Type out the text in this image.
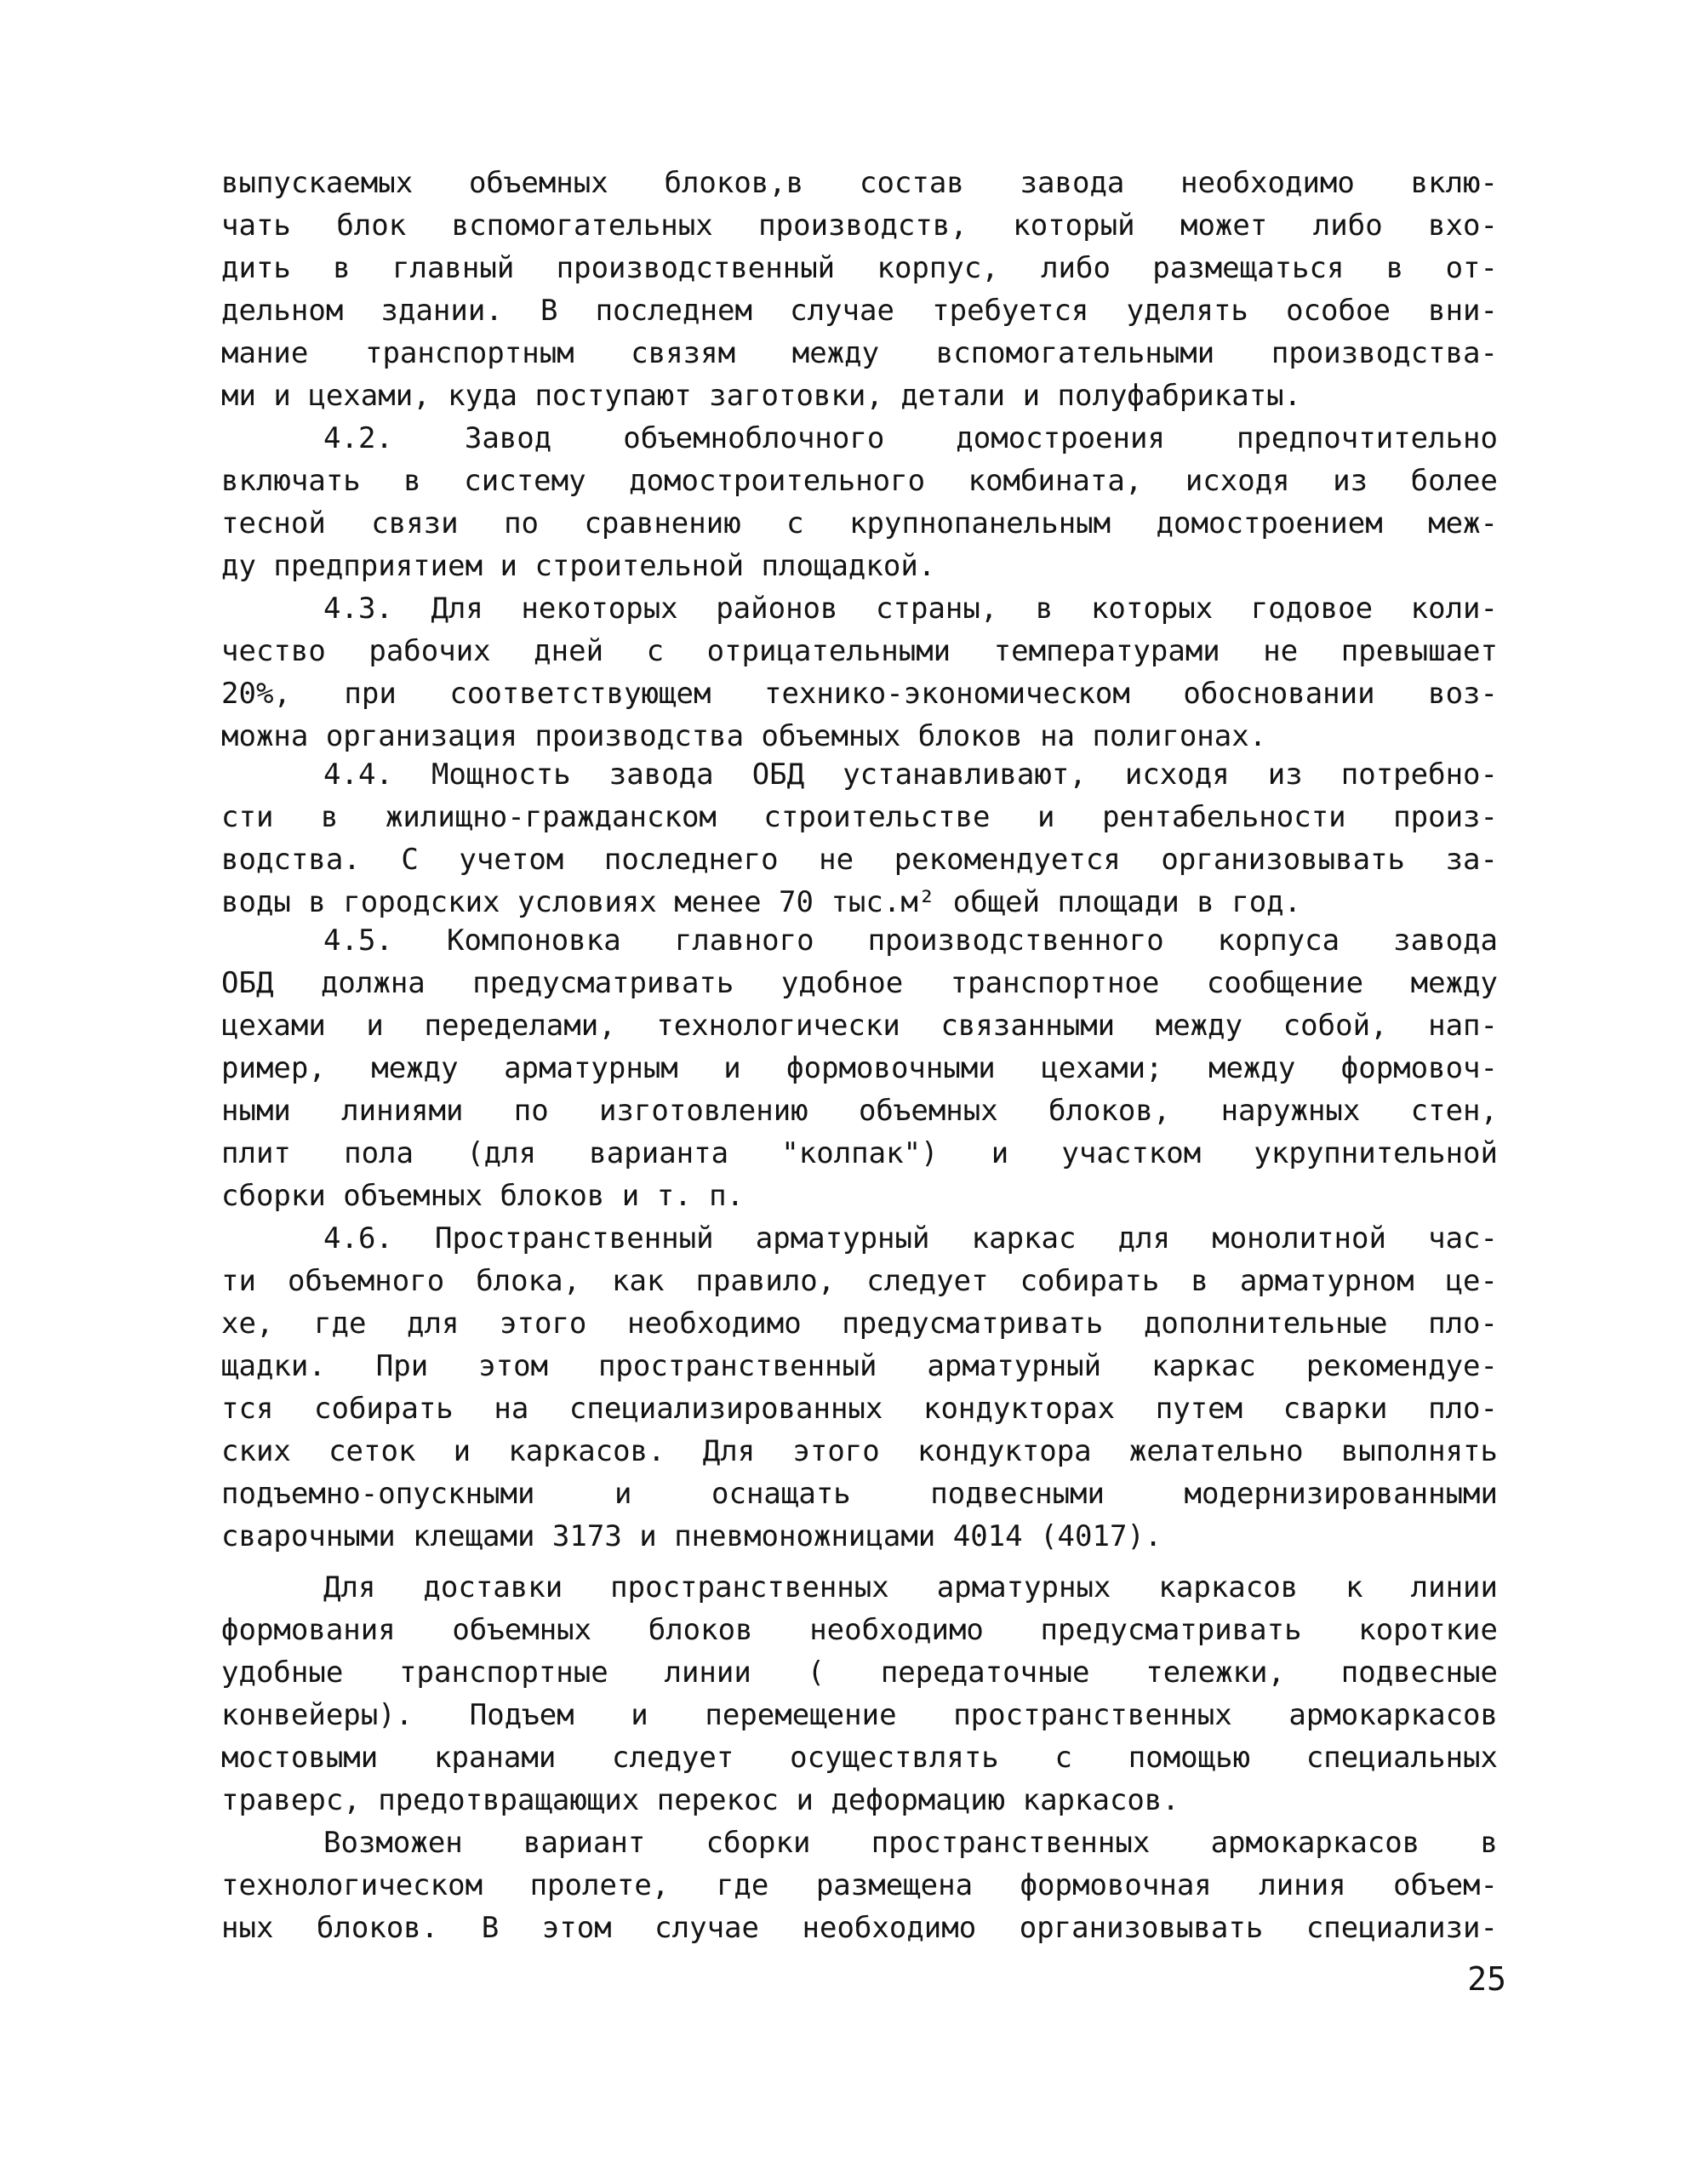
выпускаемых объемных блоков,в состав завода необходимо вклю-
чать блок вспомогательных производств, который может либо вхо-
дить в главный производственный корпус, либо размещаться в от-
дельном здании. В последнем случае требуется уделять особое вни-
мание транспортным связям между вспомогательными производства-
ми и цехами, куда поступают заготовки, детали и полуфабрикаты.
4.2. Завод объемноблочного домостроения предпочтительно
включать в систему домостроительного комбината, исходя из более
тесной связи по сравнению с крупнопанельным домостроением меж-
ду предприятием и строительной площадкой.
4.3. Для некоторых районов страны, в которых годовое коли-
чество рабочих дней с отрицательными температурами не превышает
20%, при соответствующем технико-экономическом обосновании воз-
можна организация производства объемных блоков на полигонах.
4.4. Мощность завода ОБД устанавливают, исходя из потребно-
сти в жилищно-гражданском строительстве и рентабельности произ-
водства. С учетом последнего не рекомендуется организовывать за-
воды в городских условиях менее 70 тыс.м² общей площади в год.
4.5. Компоновка главного производственного корпуса завода
ОБД должна предусматривать удобное транспортное сообщение между
цехами и переделами, технологически связанными между собой, нап-
ример, между арматурным и формовочными цехами; между формовоч-
ными линиями по изготовлению объемных блоков, наружных стен,
плит пола (для варианта "колпак") и участком укрупнительной
сборки объемных блоков и т. п.
4.6. Пространственный арматурный каркас для монолитной час-
ти объемного блока, как правило, следует собирать в арматурном це-
хе, где для этого необходимо предусматривать дополнительные пло-
щадки. При этом пространственный арматурный каркас рекомендуе-
тся собирать на специализированных кондукторах путем сварки пло-
ских сеток и каркасов. Для этого кондуктора желательно выполнять
подъемно-опускными и оснащать подвесными модернизированными
сварочными клещами 3173 и пневмоножницами 4014 (4017).
Для доставки пространственных арматурных каркасов к линии
формования объемных блоков необходимо предусматривать короткие
удобные транспортные линии ( передаточные тележки, подвесные
конвейеры). Подъем и перемещение пространственных армокаркасов
мостовыми кранами следует осуществлять с помощью специальных
траверс, предотвращающих перекос и деформацию каркасов.
Возможен вариант сборки пространственных армокаркасов в
технологическом пролете, где размещена формовочная линия объем-
ных блоков. В этом случае необходимо организовывать специализи-
25
